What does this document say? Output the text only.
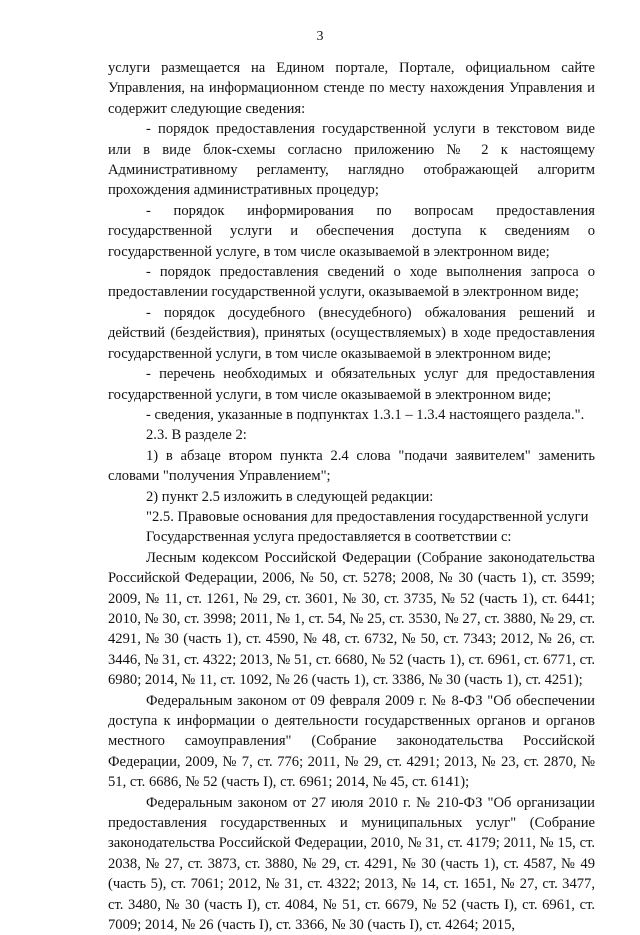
3

услуги размещается на Едином портале, Портале, официальном сайте Управления, на информационном стенде по месту нахождения Управления и содержит следующие сведения:

- порядок предоставления государственной услуги в текстовом виде или в виде блок-схемы согласно приложению № 2 к настоящему Административному регламенту, наглядно отображающей алгоритм прохождения административных процедур;

- порядок информирования по вопросам предоставления государственной услуги и обеспечения доступа к сведениям о государственной услуге, в том числе оказываемой в электронном виде;

- порядок предоставления сведений о ходе выполнения запроса о предоставлении государственной услуги, оказываемой в электронном виде;

- порядок досудебного (внесудебного) обжалования решений и действий (бездействия), принятых (осуществляемых) в ходе предоставления государственной услуги, в том числе оказываемой в электронном виде;

- перечень необходимых и обязательных услуг для предоставления государственной услуги, в том числе оказываемой в электронном виде;

- сведения, указанные в подпунктах 1.3.1 – 1.3.4 настоящего раздела.".

2.3. В разделе 2:

1) в абзаце втором пункта 2.4 слова "подачи заявителем" заменить словами "получения Управлением";

2) пункт 2.5 изложить в следующей редакции:

"2.5. Правовые основания для предоставления государственной услуги

Государственная услуга предоставляется в соответствии с:

Лесным кодексом Российской Федерации (Собрание законодательства Российской Федерации, 2006, № 50, ст. 5278; 2008, № 30 (часть 1), ст. 3599; 2009, № 11, ст. 1261, № 29, ст. 3601, № 30, ст. 3735, № 52 (часть 1), ст. 6441; 2010, № 30, ст. 3998; 2011, № 1, ст. 54, № 25, ст. 3530, № 27, ст. 3880, № 29, ст. 4291, № 30 (часть 1), ст. 4590, № 48, ст. 6732, № 50, ст. 7343; 2012, № 26, ст. 3446, № 31, ст. 4322; 2013, № 51, ст. 6680, № 52 (часть 1), ст. 6961, ст. 6771, ст. 6980; 2014, № 11, ст. 1092, № 26 (часть 1), ст. 3386, № 30 (часть 1), ст. 4251);

Федеральным законом от 09 февраля 2009 г. № 8-ФЗ "Об обеспечении доступа к информации о деятельности государственных органов и органов местного самоуправления" (Собрание законодательства Российской Федерации, 2009, № 7, ст. 776; 2011, № 29, ст. 4291; 2013, № 23, ст. 2870, № 51, ст. 6686, № 52 (часть I), ст. 6961; 2014, № 45, ст. 6141);

Федеральным законом от 27 июля 2010 г. № 210-ФЗ "Об организации предоставления государственных и муниципальных услуг" (Собрание законодательства Российской Федерации, 2010, № 31, ст. 4179; 2011, № 15, ст. 2038, № 27, ст. 3873, ст. 3880, № 29, ст. 4291, № 30 (часть 1), ст. 4587, № 49 (часть 5), ст. 7061; 2012, № 31, ст. 4322; 2013, № 14, ст. 1651, № 27, ст. 3477, ст. 3480, № 30 (часть I), ст. 4084, № 51, ст. 6679, № 52 (часть I), ст. 6961, ст. 7009; 2014, № 26 (часть I), ст. 3366, № 30 (часть I), ст. 4264; 2015,
